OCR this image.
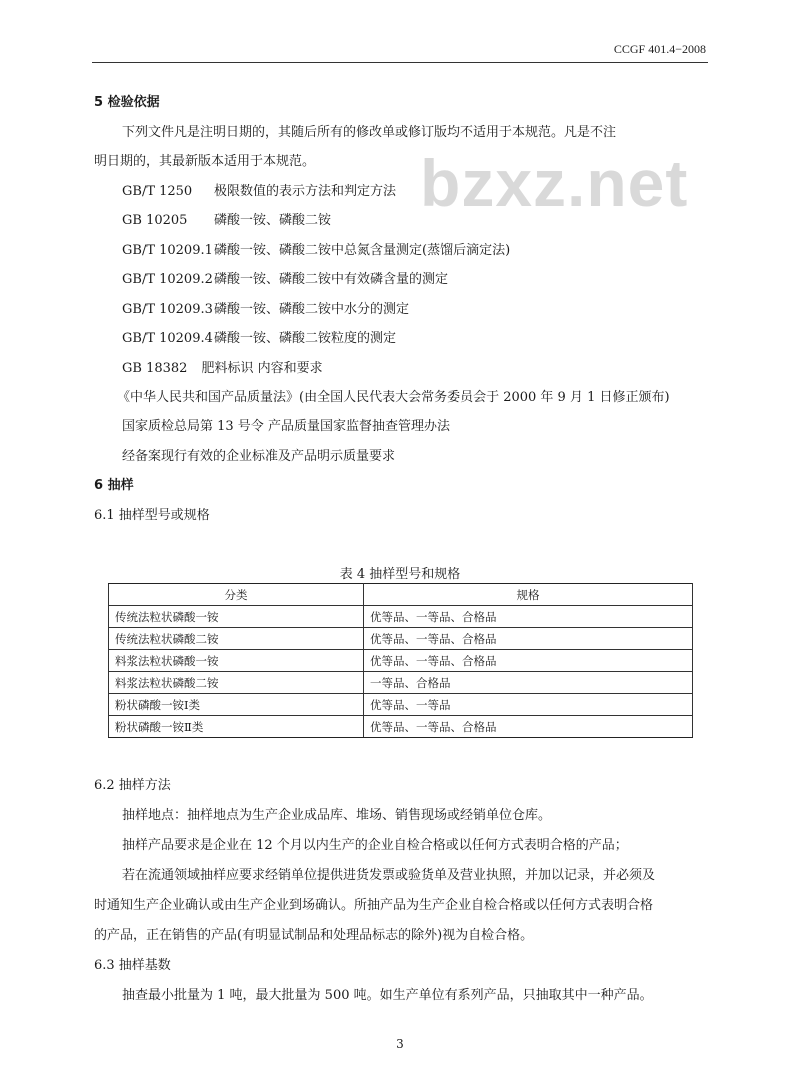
CCGF 401.4−2008
bzxz.net
5 检验依据
下列文件凡是注明日期的，其随后所有的修改单或修订版均不适用于本规范。凡是不注
明日期的，其最新版本适用于本规范。
GB/T 1250 极限数值的表示方法和判定方法
GB 10205 磷酸一铵、磷酸二铵
GB/T 10209.1磷酸一铵、磷酸二铵中总氮含量测定(蒸馏后滴定法)
GB/T 10209.2磷酸一铵、磷酸二铵中有效磷含量的测定
GB/T 10209.3磷酸一铵、磷酸二铵中水分的测定
GB/T 10209.4磷酸一铵、磷酸二铵粒度的测定
GB 18382 肥料标识 内容和要求
《中华人民共和国产品质量法》(由全国人民代表大会常务委员会于 2000 年 9 月 1 日修正颁布)
国家质检总局第 13 号令 产品质量国家监督抽查管理办法
经备案现行有效的企业标准及产品明示质量要求
6 抽样
6.1 抽样型号或规格
表 4 抽样型号和规格
分类	规格
传统法粒状磷酸一铵	优等品、一等品、合格品
传统法粒状磷酸二铵	优等品、一等品、合格品
料浆法粒状磷酸一铵	优等品、一等品、合格品
料浆法粒状磷酸二铵	一等品、合格品
粉状磷酸一铵Ⅰ类	优等品、一等品
粉状磷酸一铵Ⅱ类	优等品、一等品、合格品
6.2 抽样方法
抽样地点：抽样地点为生产企业成品库、堆场、销售现场或经销单位仓库。
抽样产品要求是企业在 12 个月以内生产的企业自检合格或以任何方式表明合格的产品；
若在流通领域抽样应要求经销单位提供进货发票或验货单及营业执照，并加以记录，并必须及
时通知生产企业确认或由生产企业到场确认。所抽产品为生产企业自检合格或以任何方式表明合格
的产品，正在销售的产品(有明显试制品和处理品标志的除外)视为自检合格。
6.3 抽样基数
抽查最小批量为 1 吨，最大批量为 500 吨。如生产单位有系列产品，只抽取其中一种产品。
3
